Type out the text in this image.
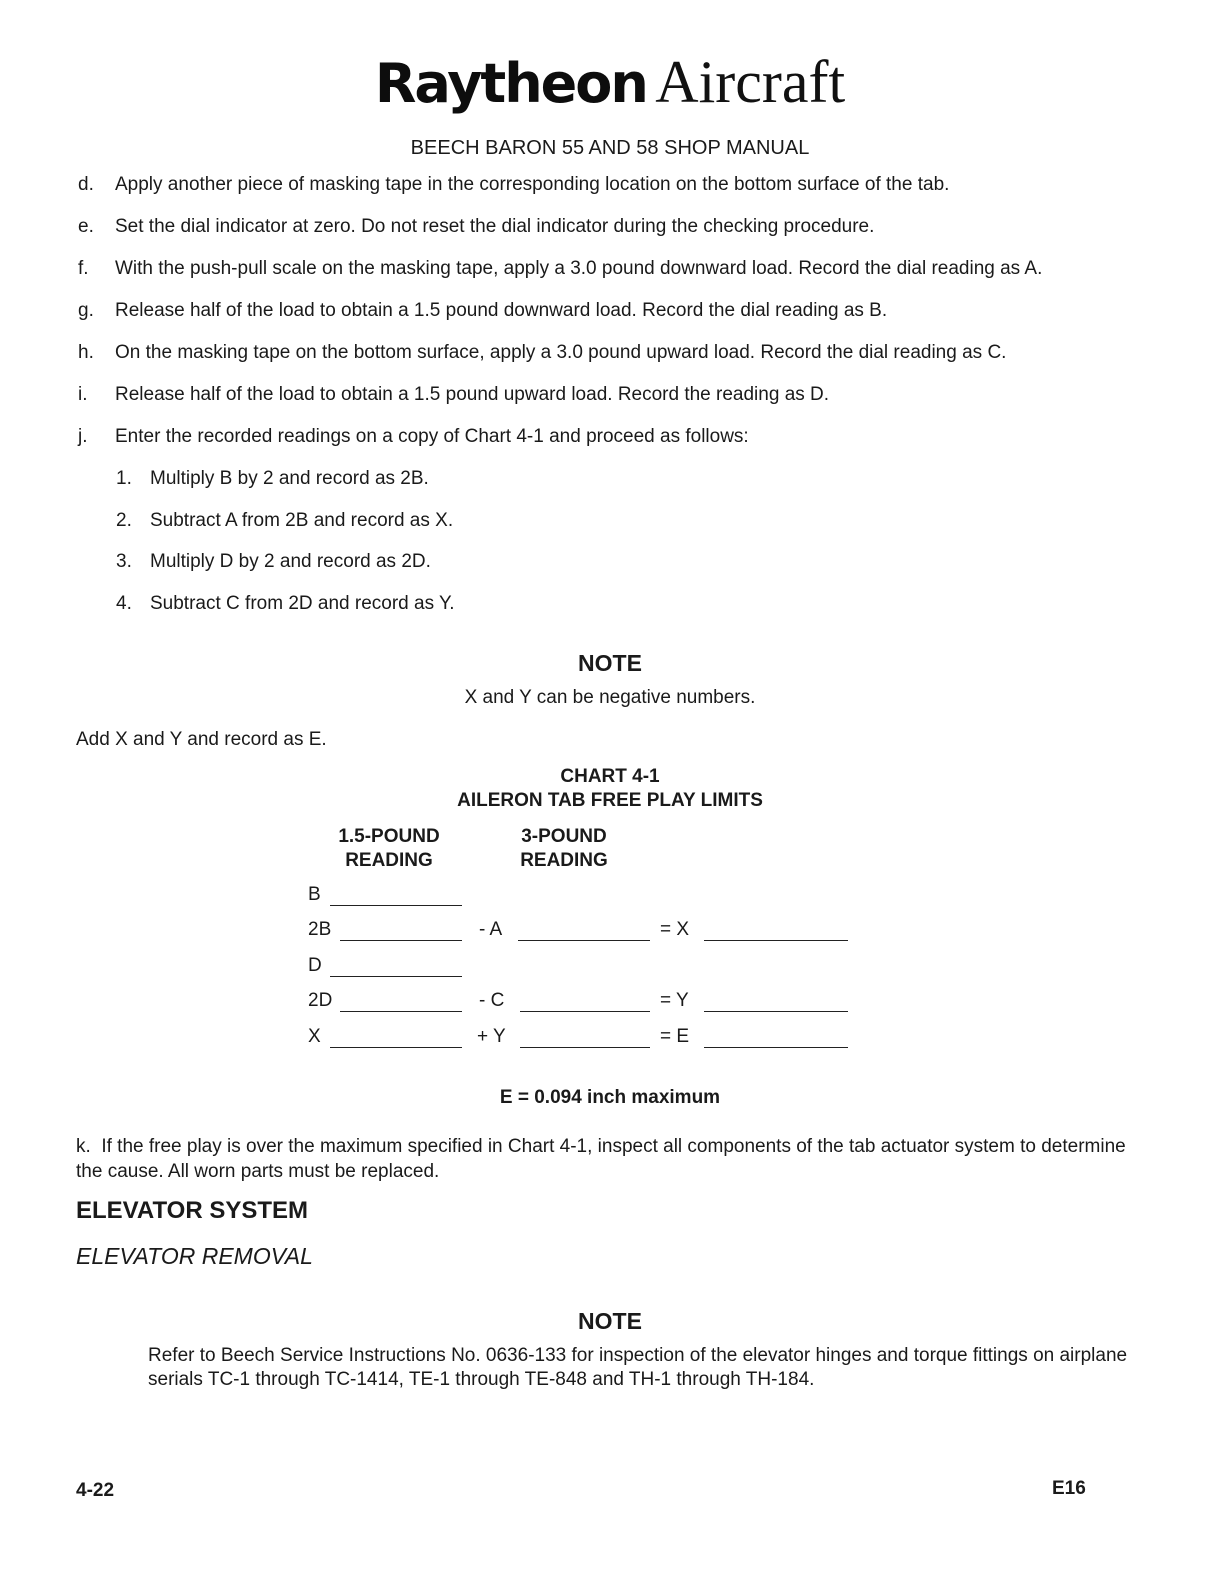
Raytheon Aircraft
BEECH BARON 55 AND 58 SHOP MANUAL
d. Apply another piece of masking tape in the corresponding location on the bottom surface of the tab.
e. Set the dial indicator at zero. Do not reset the dial indicator during the checking procedure.
f. With the push-pull scale on the masking tape, apply a 3.0 pound downward load. Record the dial reading as A.
g. Release half of the load to obtain a 1.5 pound downward load. Record the dial reading as B.
h. On the masking tape on the bottom surface, apply a 3.0 pound upward load. Record the dial reading as C.
i. Release half of the load to obtain a 1.5 pound upward load. Record the reading as D.
j. Enter the recorded readings on a copy of Chart 4-1 and proceed as follows:
1. Multiply B by 2 and record as 2B.
2. Subtract A from 2B and record as X.
3. Multiply D by 2 and record as 2D.
4. Subtract C from 2D and record as Y.
NOTE
X and Y can be negative numbers.
Add X and Y and record as E.
CHART 4-1
AILERON TAB FREE PLAY LIMITS
1.5-POUND
READING
3-POUND
READING
B
2B	- A	= X
D
2D	- C	= Y
X	+ Y	= E
E = 0.094 inch maximum
k. If the free play is over the maximum specified in Chart 4-1, inspect all components of the tab actuator system to determine the cause. All worn parts must be replaced.
ELEVATOR SYSTEM
ELEVATOR REMOVAL
NOTE
Refer to Beech Service Instructions No. 0636-133 for inspection of the elevator hinges and torque fittings on airplane serials TC-1 through TC-1414, TE-1 through TE-848 and TH-1 through TH-184.
4-22	E16
